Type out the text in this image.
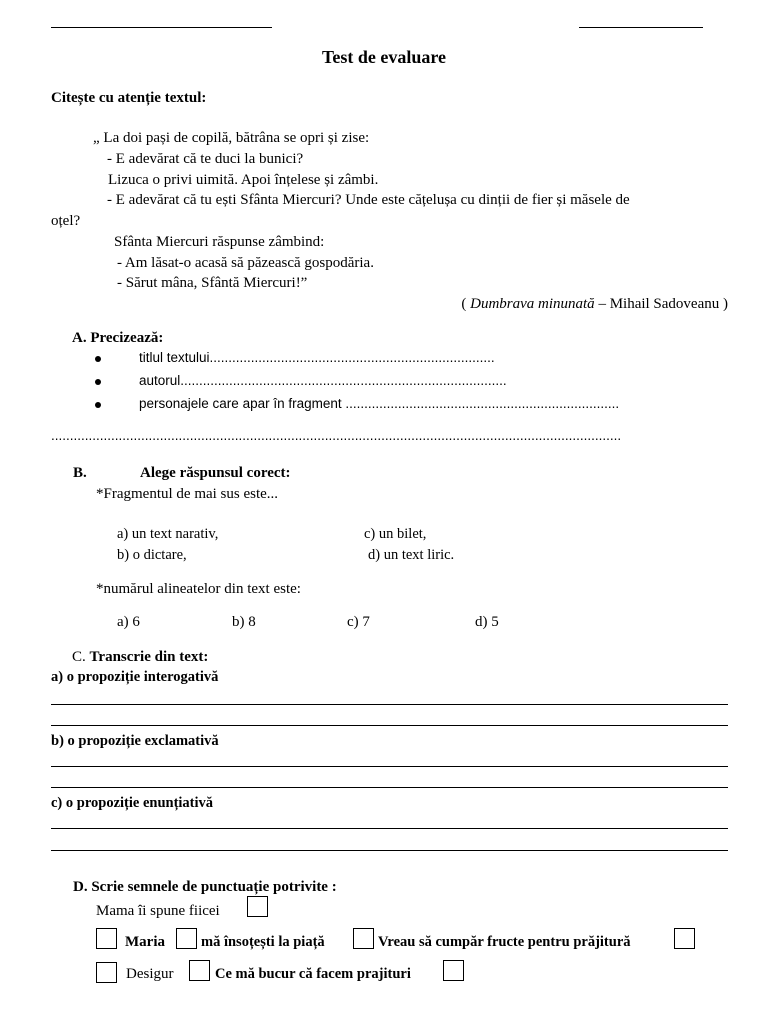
Test de evaluare
Citește cu atenție textul:
„ La doi pași de copilă, bătrâna se opri și zise:
- E adevărat că te duci la bunici?
Lizuca o privi uimită. Apoi înțelese și zâmbi.
- E adevărat că tu ești Sfânta Miercuri? Unde este cățelușa cu dinții de fier și măsele de
oțel?
Sfânta Miercuri răspunse zâmbind:
- Am lăsat-o acasă să păzească gospodăria.
- Sărut mâna, Sfântă Miercuri!”
( Dumbrava minunată – Mihail Sadoveanu )
A. Precizează:
titlul textului............................................................................
autorul.......................................................................................
personajele care apar în fragment .........................................................................
........................................................................................................................................................
B.	Alege răspunsul corect:
*Fragmentul de mai sus este...
a) un text narativ,	c) un bilet,
b) o dictare,	d) un text liric.
*numărul alineatelor din text este:
a) 6	b) 8	c) 7	d) 5
C. Transcrie din text:
a) o propoziție interogativă
b) o propoziție exclamativă
c) o propoziție enunțiativă
D. Scrie semnele de punctuație potrivite :
Mama îi spune fiicei
Maria mă însoțești la piață	Vreau să cumpăr fructe pentru prăjitură
Desigur	Ce mă bucur că facem prajituri
